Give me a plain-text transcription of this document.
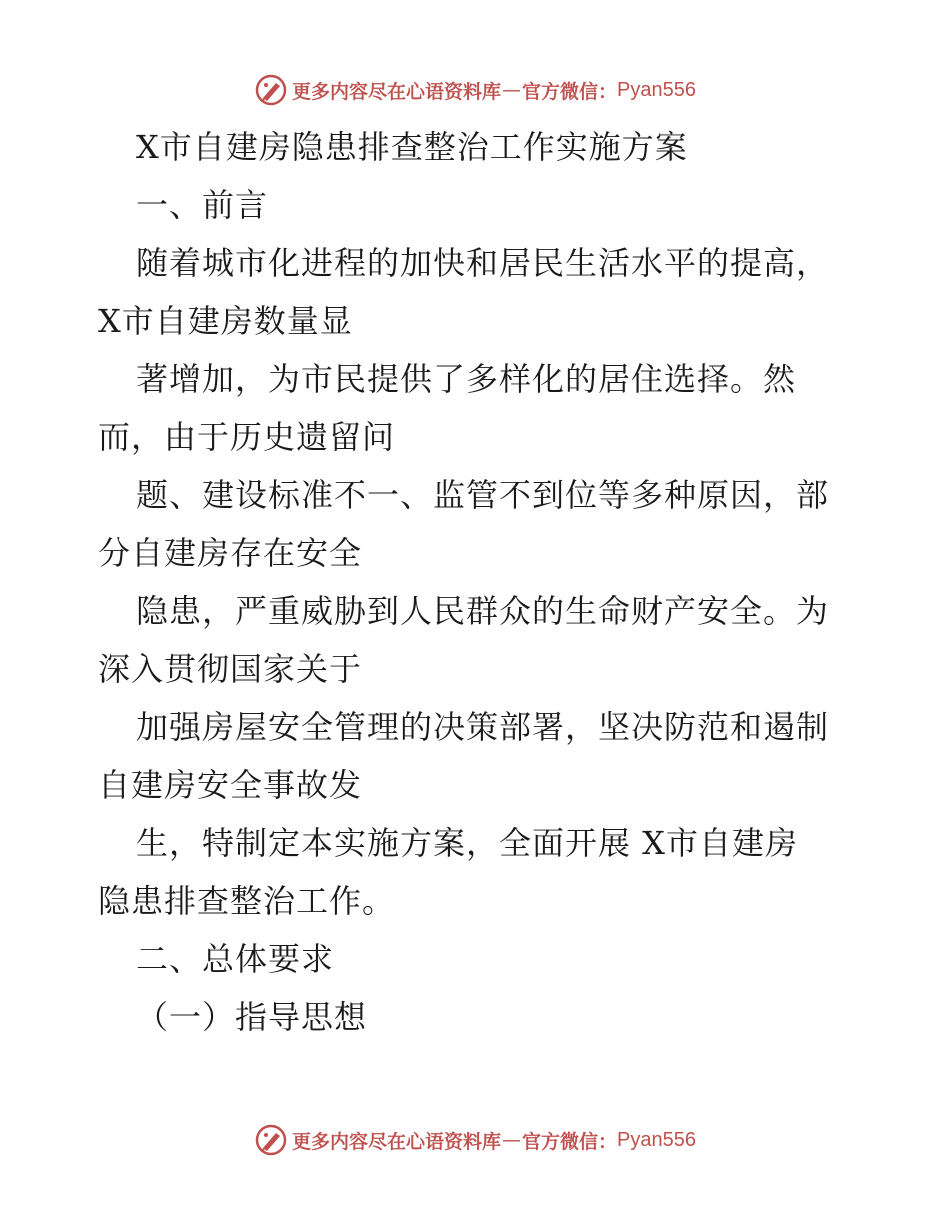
更多内容尽在心语资料库 — 官方微信： Pyan556
X市自建房隐患排查整治工作实施方案
一、前言
随着城市化进程的加快和居民生活水平的提高，
X市自建房数量显
著增加，为市民提供了多样化的居住选择。然
而，由于历史遗留问
题、建设标准不一、监管不到位等多种原因，部
分自建房存在安全
隐患，严重威胁到人民群众的生命财产安全。为
深入贯彻国家关于
加强房屋安全管理的决策部署，坚决防范和遏制
自建房安全事故发
生，特制定本实施方案，全面开展 X市自建房
隐患排查整治工作。
二、总体要求
（一）指导思想
更多内容尽在心语资料库 — 官方微信： Pyan556
